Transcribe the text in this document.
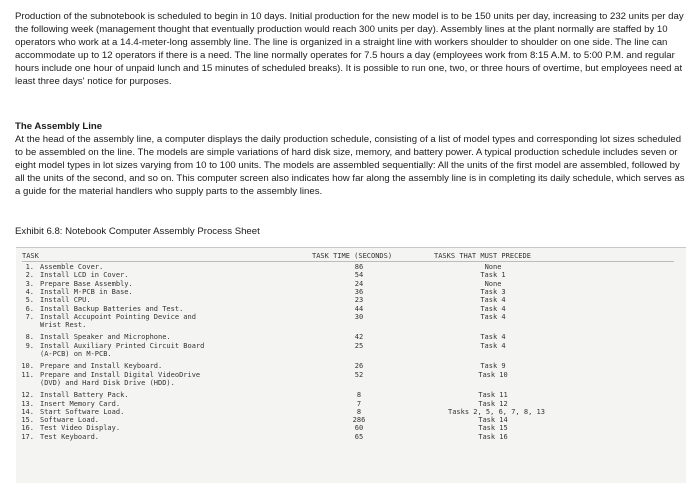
Production of the subnotebook is scheduled to begin in 10 days. Initial production for the new model is to be 150 units per day, increasing to 232 units per day the following week (management thought that eventually production would reach 300 units per day). Assembly lines at the plant normally are staffed by 10 operators who work at a 14.4-meter-long assembly line. The line is organized in a straight line with workers shoulder to shoulder on one side. The line can accommodate up to 12 operators if there is a need. The line normally operates for 7.5 hours a day (employees work from 8:15 A.M. to 5:00 P.M. and regular hours include one hour of unpaid lunch and 15 minutes of scheduled breaks). It is possible to run one, two, or three hours of overtime, but employees need at least three days' notice for purposes.

The Assembly Line

At the head of the assembly line, a computer displays the daily production schedule, consisting of a list of model types and corresponding lot sizes scheduled to be assembled on the line. The models are simple variations of hard disk size, memory, and battery power. A typical production schedule includes seven or eight model types in lot sizes varying from 10 to 100 units. The models are assembled sequentially: All the units of the first model are assembled, followed by all the units of the second, and so on. This computer screen also indicates how far along the assembly line is in completing its daily schedule, which serves as a guide for the material handlers who supply parts to the assembly lines.

Exhibit 6.8: Notebook Computer Assembly Process Sheet

TASK	TASK TIME (SECONDS)	TASKS THAT MUST PRECEDE
1. Assemble Cover.	86	None
2. Install LCD in Cover.	54	Task 1
3. Prepare Base Assembly.	24	None
4. Install M-PCB in Base.	36	Task 3
5. Install CPU.	23	Task 4
6. Install Backup Batteries and Test.	44	Task 4
7. Install Accupoint Pointing Device and	30	Task 4
Wrist Rest.
8. Install Speaker and Microphone.	42	Task 4
9. Install Auxiliary Printed Circuit Board	25	Task 4
(A-PCB) on M-PCB.
10. Prepare and Install Keyboard.	26	Task 9
11. Prepare and Install Digital VideoDrive	52	Task 10
(DVD) and Hard Disk Drive (HDD).
12. Install Battery Pack.	8	Task 11
13. Insert Memory Card.	7	Task 12
14. Start Software Load.	8	Tasks 2, 5, 6, 7, 8, 13
15. Software Load.	286	Task 14
16. Test Video Display.	60	Task 15
17. Test Keyboard.	65	Task 16
